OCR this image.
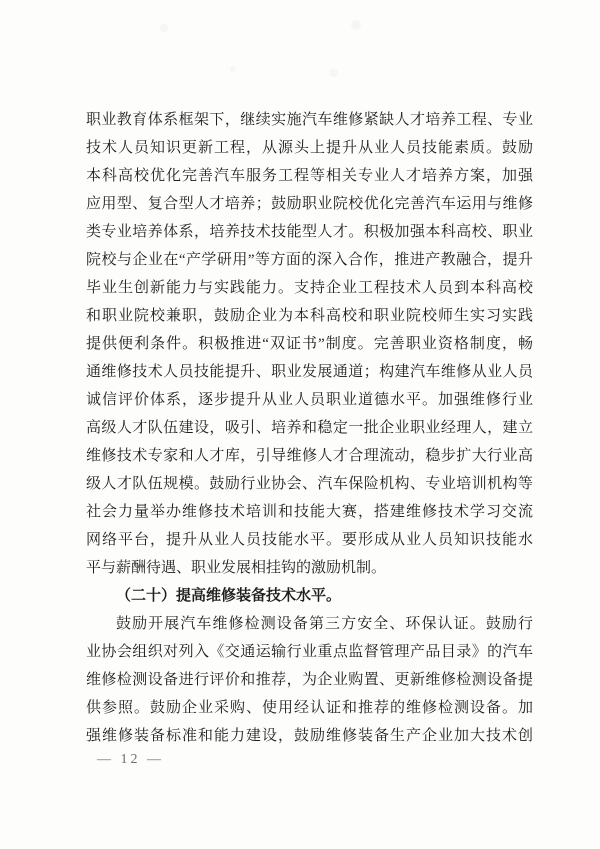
职业教育体系框架下，继续实施汽车维修紧缺人才培养工程、专业

技术人员知识更新工程，从源头上提升从业人员技能素质。鼓励

本科高校优化完善汽车服务工程等相关专业人才培养方案，加强

应用型、复合型人才培养；鼓励职业院校优化完善汽车运用与维修

类专业培养体系，培养技术技能型人才。积极加强本科高校、职业

院校与企业在“产学研用”等方面的深入合作，推进产教融合，提升

毕业生创新能力与实践能力。支持企业工程技术人员到本科高校

和职业院校兼职，鼓励企业为本科高校和职业院校师生实习实践

提供便利条件。积极推进“双证书”制度。完善职业资格制度，畅

通维修技术人员技能提升、职业发展通道；构建汽车维修从业人员

诚信评价体系，逐步提升从业人员职业道德水平。加强维修行业

高级人才队伍建设，吸引、培养和稳定一批企业职业经理人，建立

维修技术专家和人才库，引导维修人才合理流动，稳步扩大行业高

级人才队伍规模。鼓励行业协会、汽车保险机构、专业培训机构等

社会力量举办维修技术培训和技能大赛，搭建维修技术学习交流

网络平台，提升从业人员技能水平。要形成从业人员知识技能水

平与薪酬待遇、职业发展相挂钩的激励机制。

（二十）提高维修装备技术水平。

鼓励开展汽车维修检测设备第三方安全、环保认证。鼓励行

业协会组织对列入《交通运输行业重点监督管理产品目录》的汽车

维修检测设备进行评价和推荐，为企业购置、更新维修检测设备提

供参照。鼓励企业采购、使用经认证和推荐的维修检测设备。加

强维修装备标准和能力建设，鼓励维修装备生产企业加大技术创

— 12 —
